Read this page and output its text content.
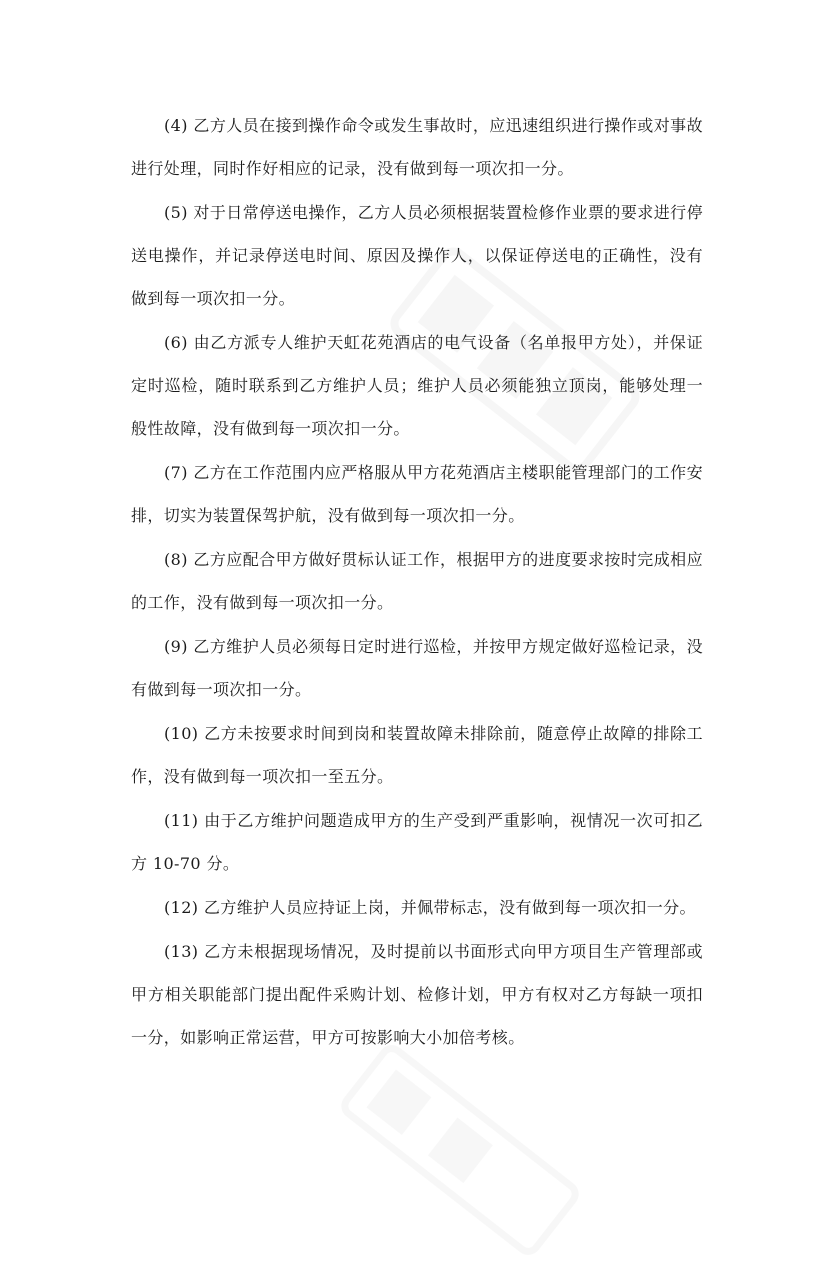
(4) 乙方人员在接到操作命令或发生事故时，应迅速组织进行操作或对事故进行处理，同时作好相应的记录，没有做到每一项次扣一分。

(5) 对于日常停送电操作，乙方人员必须根据装置检修作业票的要求进行停送电操作，并记录停送电时间、原因及操作人，以保证停送电的正确性，没有做到每一项次扣一分。

(6) 由乙方派专人维护天虹花苑酒店的电气设备（名单报甲方处），并保证定时巡检，随时联系到乙方维护人员；维护人员必须能独立顶岗，能够处理一般性故障，没有做到每一项次扣一分。

(7) 乙方在工作范围内应严格服从甲方花苑酒店主楼职能管理部门的工作安排，切实为装置保驾护航，没有做到每一项次扣一分。

(8) 乙方应配合甲方做好贯标认证工作，根据甲方的进度要求按时完成相应的工作，没有做到每一项次扣一分。

(9) 乙方维护人员必须每日定时进行巡检，并按甲方规定做好巡检记录，没有做到每一项次扣一分。

(10) 乙方未按要求时间到岗和装置故障未排除前，随意停止故障的排除工作，没有做到每一项次扣一至五分。

(11) 由于乙方维护问题造成甲方的生产受到严重影响，视情况一次可扣乙方 10-70 分。

(12) 乙方维护人员应持证上岗，并佩带标志，没有做到每一项次扣一分。

(13) 乙方未根据现场情况，及时提前以书面形式向甲方项目生产管理部或甲方相关职能部门提出配件采购计划、检修计划，甲方有权对乙方每缺一项扣一分，如影响正常运营，甲方可按影响大小加倍考核。
